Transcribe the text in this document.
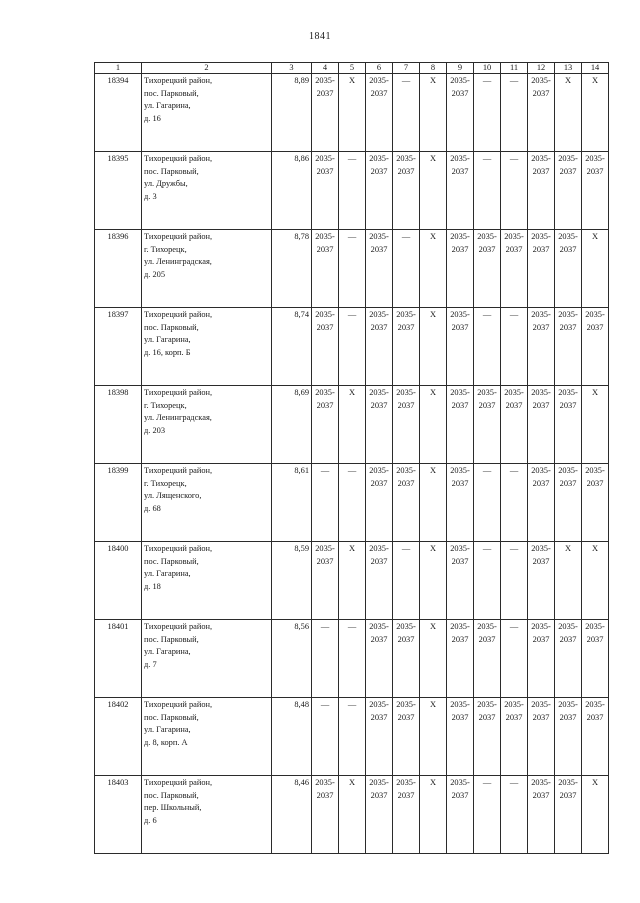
1841
1	2	3	4	5	6	7	8	9	10	11	12	13	14
18394	Тихорецкий район,
пос. Парковый,
ул. Гагарина,
д. 16	8,89	2035-
2037	X	2035-
2037	—	X	2035-
2037	—	—	2035-
2037	X	X
18395	Тихорецкий район,
пос. Парковый,
ул. Дружбы,
д. 3	8,86	2035-
2037	—	2035-
2037	2035-
2037	X	2035-
2037	—	—	2035-
2037	2035-
2037	2035-
2037

18396	Тихорецкий район,
г. Тихорецк,
ул. Ленинградская,
д. 205	8,78	2035-
2037	—	2035-
2037	—	X	2035-
2037	2035-
2037	2035-
2037	2035-
2037	2035-
2037	X
18397	Тихорецкий район,
пос. Парковый,
ул. Гагарина,
д. 16, корп. Б	8,74	2035-
2037	—	2035-
2037	2035-
2037	X	2035-
2037	—	—	2035-
2037	2035-
2037	2035-
2037

18398	Тихорецкий район,
г. Тихорецк,
ул. Ленинградская,
д. 203	8,69	2035-
2037	X	2035-
2037	2035-
2037	X	2035-
2037	2035-
2037	2035-
2037	2035-
2037	2035-
2037	X
18399	Тихорецкий район,
г. Тихорецк,
ул. Лященского,
д. 68	8,61	—	—	2035-
2037	2035-
2037	X	2035-
2037	—	—	2035-
2037	2035-
2037	2035-
2037

18400	Тихорецкий район,
пос. Парковый,
ул. Гагарина,
д. 18	8,59	2035-
2037	X	2035-
2037	—	X	2035-
2037	—	—	2035-
2037	X	X
18401	Тихорецкий район,
пос. Парковый,
ул. Гагарина,
д. 7	8,56	—	—	2035-
2037	2035-
2037	X	2035-
2037	2035-
2037	—	2035-
2037	2035-
2037	2035-
2037

18402	Тихорецкий район,
пос. Парковый,
ул. Гагарина,
д. 8, корп. А	8,48	—	—	2035-
2037	2035-
2037	X	2035-
2037	2035-
2037	2035-
2037	2035-
2037	2035-
2037	2035-
2037

18403	Тихорецкий район,
пос. Парковый,
пер. Школьный,
д. 6	8,46	2035-
2037	X	2035-
2037	2035-
2037	X	2035-
2037	—	—	2035-
2037	2035-
2037	X
